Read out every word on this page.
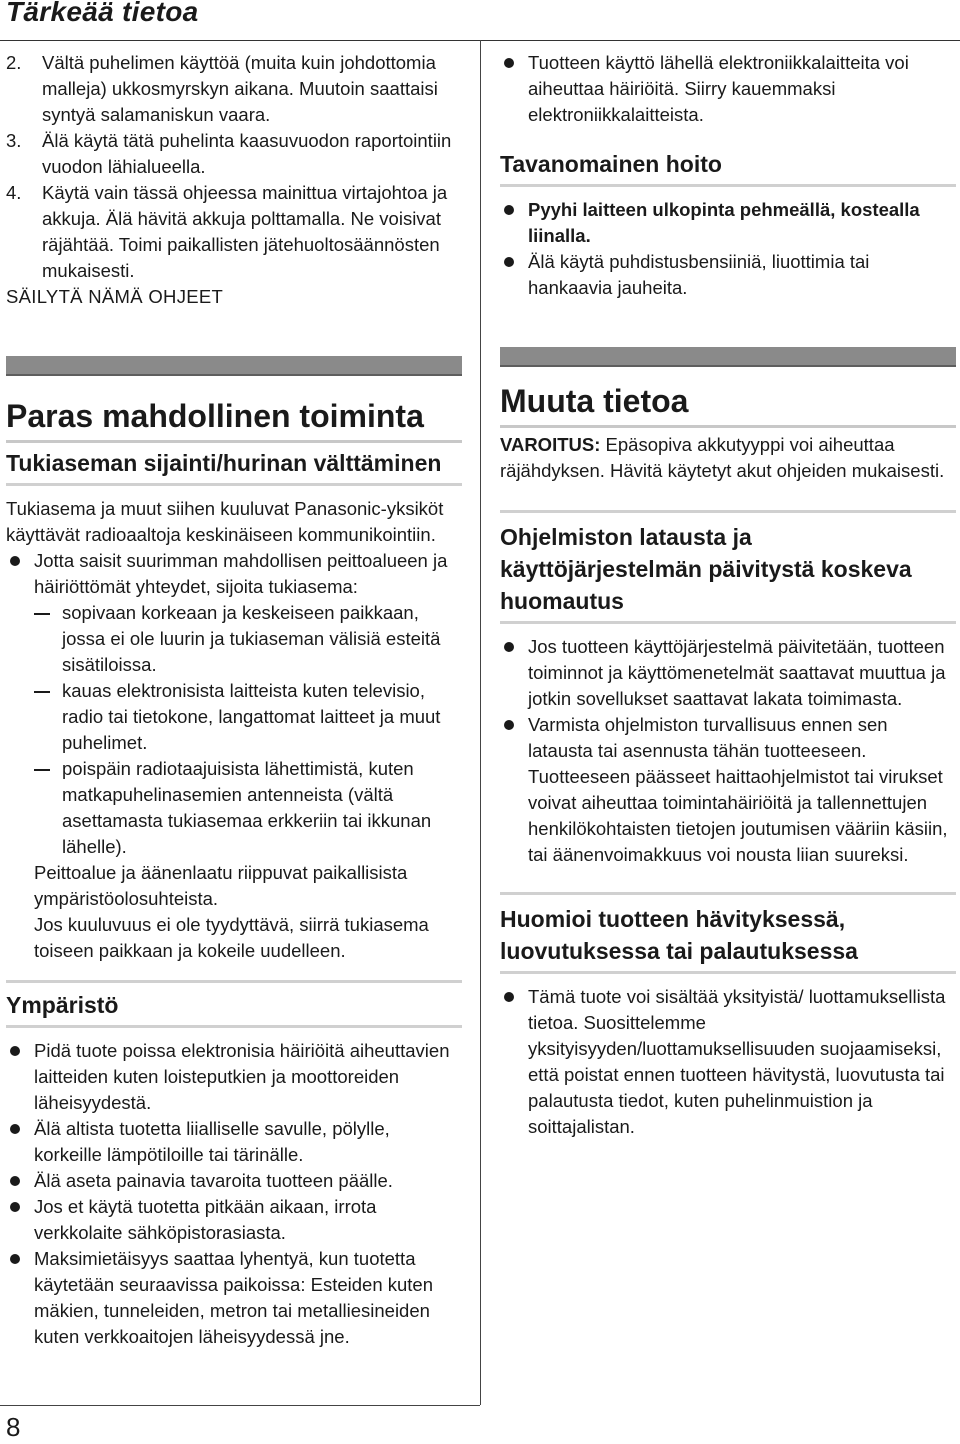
Tärkeää tietoa
2. Vältä puhelimen käyttöä (muita kuin johdottomia malleja) ukkosmyrskyn aikana. Muutoin saattaisi syntyä salamaniskun vaara.
3. Älä käytä tätä puhelinta kaasuvuodon raportointiin vuodon lähialueella.
4. Käytä vain tässä ohjeessa mainittua virtajohtoa ja akkuja. Älä hävitä akkuja polttamalla. Ne voisivat räjähtää. Toimi paikallisten jätehuoltosäännösten mukaisesti.

SÄILYTÄ NÄMÄ OHJEET

Paras mahdollinen toiminta
Tukiaseman sijainti/hurinan välttäminen

Tukiasema ja muut siihen kuuluvat Panasonic-yksiköt käyttävät radioaaltoja keskinäiseen kommunikointiin.

Jotta saisit suurimman mahdollisen peittoalueen ja häiriöttömät yhteydet, sijoita tukiasema:
sopivaan korkeaan ja keskeiseen paikkaan, jossa ei ole luurin ja tukiaseman välisiä esteitä sisätiloissa.
kauas elektronisista laitteista kuten televisio, radio tai tietokone, langattomat laitteet ja muut puhelimet.
poispäin radiotaajuisista lähettimistä, kuten matkapuhelinasemien antenneista (vältä asettamasta tukiasemaa erkkeriin tai ikkunan lähelle).
Peittoalue ja äänenlaatu riippuvat paikallisista ympäristöolosuhteista.
Jos kuuluvuus ei ole tyydyttävä, siirrä tukiasema toiseen paikkaan ja kokeile uudelleen.
Ympäristö
Pidä tuote poissa elektronisia häiriöitä aiheuttavien laitteiden kuten loisteputkien ja moottoreiden läheisyydestä.
Älä altista tuotetta liialliselle savulle, pölylle, korkeille lämpötiloille tai tärinälle.
Älä aseta painavia tavaroita tuotteen päälle.
Jos et käytä tuotetta pitkään aikaan, irrota verkkolaite sähköpistorasiasta.
Maksimietäisyys saattaa lyhentyä, kun tuotetta käytetään seuraavissa paikoissa: Esteiden kuten mäkien, tunneleiden, metron tai metalliesineiden kuten verkkoaitojen läheisyydessä jne.
Tuotteen käyttö lähellä elektroniikkalaitteita voi aiheuttaa häiriöitä. Siirry kauemmaksi elektroniikkalaitteista.
Tavanomainen hoito
Pyyhi laitteen ulkopinta pehmeällä, kostealla liinalla.
Älä käytä puhdistusbensiiniä, liuottimia tai hankaavia jauheita.
Muuta tietoa

VAROITUS: Epäsopiva akkutyyppi voi aiheuttaa räjähdyksen. Hävitä käytetyt akut ohjeiden mukaisesti.

Ohjelmiston latausta ja käyttöjärjestelmän päivitystä koskeva huomautus
Jos tuotteen käyttöjärjestelmä päivitetään, tuotteen toiminnot ja käyttömenetelmät saattavat muuttua ja jotkin sovellukset saattavat lakata toimimasta.
Varmista ohjelmiston turvallisuus ennen sen latausta tai asennusta tähän tuotteeseen. Tuotteeseen päässeet haittaohjelmistot tai virukset voivat aiheuttaa toimintahäiriöitä ja tallennettujen henkilökohtaisten tietojen joutumisen vääriin käsiin, tai äänenvoimakkuus voi nousta liian suureksi.
Huomioi tuotteen hävityksessä, luovutuksessa tai palautuksessa
Tämä tuote voi sisältää yksityistä/ luottamuksellista tietoa. Suosittelemme yksityisyyden/luottamuksellisuuden suojaamiseksi, että poistat ennen tuotteen hävitystä, luovutusta tai palautusta tiedot, kuten puhelinmuistion ja soittajalistan.
8
